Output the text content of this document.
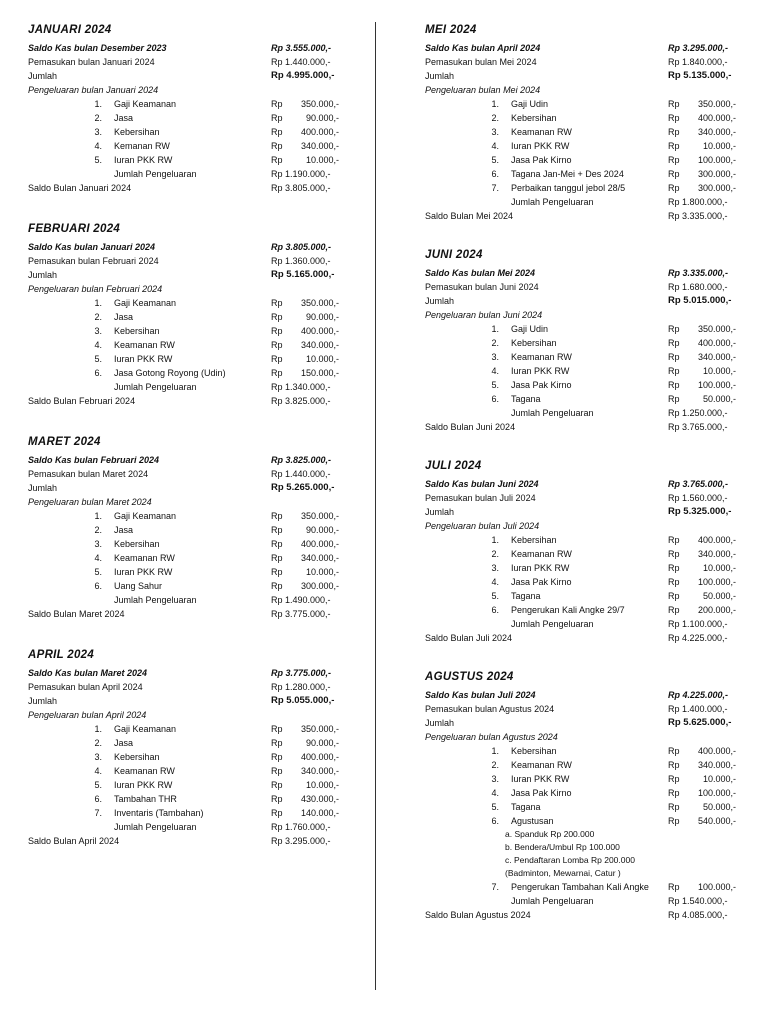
JANUARI 2024
Saldo Kas bulan Desember 2023	Rp 3.555.000,-
Pemasukan bulan Januari 2024	Rp 1.440.000,-
Jumlah	Rp 4.995.000,-
Pengeluaran bulan Januari 2024
1. Gaji Keamanan	Rp	350.000,-
2. Jasa	Rp	90.000,-
3. Kebersihan	Rp	400.000,-
4. Kemanan RW	Rp	340.000,-
5. Iuran PKK RW	Rp	10.000,-
Jumlah Pengeluaran	Rp 1.190.000,-
Saldo Bulan Januari 2024	Rp 3.805.000,-
FEBRUARI 2024
Saldo Kas bulan Januari 2024	Rp 3.805.000,-
Pemasukan bulan Februari 2024	Rp 1.360.000,-
Jumlah	Rp 5.165.000,-
Pengeluaran bulan Februari 2024
1. Gaji Keamanan	Rp	350.000,-
2. Jasa	Rp	90.000,-
3. Kebersihan	Rp	400.000,-
4. Keamanan RW	Rp	340.000,-
5. Iuran PKK RW	Rp	10.000,-
6. Jasa Gotong Royong (Udin)	Rp	150.000,-
Jumlah Pengeluaran	Rp 1.340.000,-
Saldo Bulan Februari 2024	Rp 3.825.000,-
MARET 2024
Saldo Kas bulan Februari 2024	Rp 3.825.000,-
Pemasukan bulan Maret 2024	Rp 1.440.000,-
Jumlah	Rp 5.265.000,-
Pengeluaran bulan Maret 2024
1. Gaji Keamanan	Rp	350.000,-
2. Jasa	Rp	90.000,-
3. Kebersihan	Rp	400.000,-
4. Keamanan RW	Rp	340.000,-
5. Iuran PKK RW	Rp	10.000,-
6. Uang Sahur	Rp	300.000,-
Jumlah Pengeluaran	Rp 1.490.000,-
Saldo Bulan Maret 2024	Rp 3.775.000,-
APRIL 2024
Saldo Kas bulan Maret 2024	Rp 3.775.000,-
Pemasukan bulan April 2024	Rp 1.280.000,-
Jumlah	Rp 5.055.000,-
Pengeluaran bulan April 2024
1. Gaji Keamanan	Rp	350.000,-
2. Jasa	Rp	90.000,-
3. Kebersihan	Rp	400.000,-
4. Keamanan RW	Rp	340.000,-
5. Iuran PKK RW	Rp	10.000,-
6. Tambahan THR	Rp	430.000,-
7. Inventaris (Tambahan)	Rp	140.000,-
Jumlah Pengeluaran	Rp 1.760.000,-
Saldo Bulan April 2024	Rp 3.295.000,-
MEI 2024
Saldo Kas bulan April 2024	Rp 3.295.000,-
Pemasukan bulan Mei 2024	Rp 1.840.000,-
Jumlah	Rp 5.135.000,-
Pengeluaran bulan Mei 2024
1. Gaji Udin	Rp	350.000,-
2. Kebersihan	Rp	400.000,-
3. Keamanan RW	Rp	340.000,-
4. Iuran PKK RW	Rp	10.000,-
5. Jasa Pak Kirno	Rp	100.000,-
6. Tagana Jan-Mei + Des 2024	Rp	300.000,-
7. Perbaikan tanggul jebol 28/5	Rp	300.000,-
Jumlah Pengeluaran	Rp 1.800.000,-
Saldo Bulan Mei 2024	Rp 3.335.000,-
JUNI 2024
Saldo Kas bulan Mei 2024	Rp 3.335.000,-
Pemasukan bulan Juni 2024	Rp 1.680.000,-
Jumlah	Rp 5.015.000,-
Pengeluaran bulan Juni 2024
1. Gaji Udin	Rp	350.000,-
2. Kebersihan	Rp	400.000,-
3. Keamanan RW	Rp	340.000,-
4. Iuran PKK RW	Rp	10.000,-
5. Jasa Pak Kirno	Rp	100.000,-
6. Tagana	Rp	50.000,-
Jumlah Pengeluaran	Rp 1.250.000,-
Saldo Bulan Juni 2024	Rp 3.765.000,-
JULI 2024
Saldo Kas bulan Juni 2024	Rp 3.765.000,-
Pemasukan bulan Juli 2024	Rp 1.560.000,-
Jumlah	Rp 5.325.000,-
Pengeluaran bulan Juli 2024
1. Kebersihan	Rp	400.000,-
2. Keamanan RW	Rp	340.000,-
3. Iuran PKK RW	Rp	10.000,-
4. Jasa Pak Kirno	Rp	100.000,-
5. Tagana	Rp	50.000,-
6. Pengerukan Kali Angke 29/7	Rp	200.000,-
Jumlah Pengeluaran	Rp 1.100.000,-
Saldo Bulan Juli 2024	Rp 4.225.000,-
AGUSTUS 2024
Saldo Kas bulan Juli 2024	Rp 4.225.000,-
Pemasukan bulan Agustus 2024	Rp 1.400.000,-
Jumlah	Rp 5.625.000,-
Pengeluaran bulan Agustus 2024
1. Kebersihan	Rp	400.000,-
2. Keamanan RW	Rp	340.000,-
3. Iuran PKK RW	Rp	10.000,-
4. Jasa Pak Kirno	Rp	100.000,-
5. Tagana	Rp	50.000,-
6. Agustusan	Rp	540.000,-
a. Spanduk Rp 200.000
b. Bendera/Umbul Rp 100.000
c. Pendaftaran Lomba Rp 200.000
(Badminton, Mewarnai, Catur )
7. Pengerukan Tambahan Kali Angke Rp	100.000,-
Jumlah Pengeluaran	Rp 1.540.000,-
Saldo Bulan Agustus 2024	Rp 4.085.000,-
